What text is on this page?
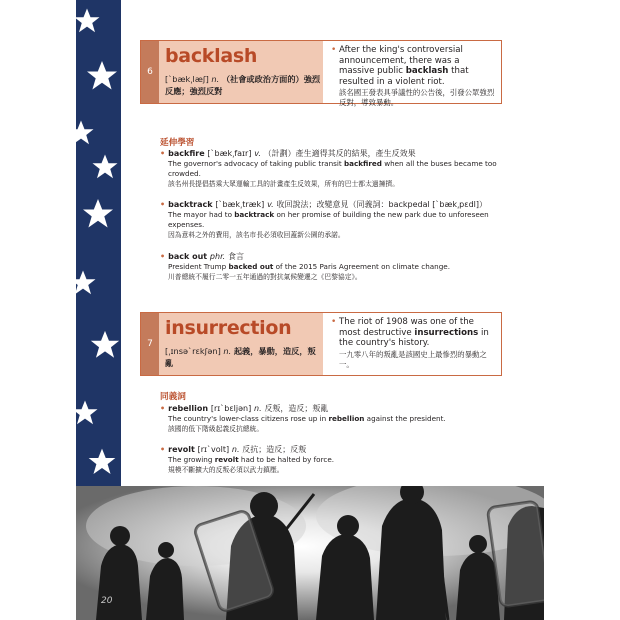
6
backlash
[ˋbæk͵læʃ] n. （社會或政治方面的）強烈反應；強烈反對
• After the king's controversial announcement, there was a massive public backlash that resulted in a violent riot.
該名國王發表具爭議性的公告後，引發公眾強烈反對，導致暴動。
延伸學習
• backfire [ˋbæk͵faɪr] v. （計劃）產生適得其反的結果，產生反效果
The governor's advocacy of taking public transit backfired when all the buses became too crowded.
該名州長提倡搭乘大眾運輸工具的計畫產生反效果，所有的巴士都太過擁擠。
• backtrack [ˋbæk͵træk] v. 收回說法；改變意見（同義詞：backpedal [ˋbæk͵pɛdl]）
The mayor had to backtrack on her promise of building the new park due to unforeseen expenses.
因為意料之外的費用，該名市長必須收回蓋新公園的承諾。
• back out phr. 食言
President Trump backed out of the 2015 Paris Agreement on climate change.
川普總統不履行二零一五年通過的對抗氣候變遷之《巴黎協定》。
7
insurrection
[͵ɪnsəˋrɛkʃən] n. 起義，暴動，造反，叛亂
• The riot of 1908 was one of the most destructive insurrections in the country's history.
一九零八年的叛亂是該國史上最慘烈的暴動之一。
同義詞
• rebellion [rɪˋbɛljən] n. 反叛，造反；叛亂
The country's lower-class citizens rose up in rebellion against the president.
該國的低下階級起義反抗總統。
• revolt [rɪˋvolt] n. 反抗；造反；反叛
The growing revolt had to be halted by force.
規模不斷擴大的反叛必須以武力鎮壓。
20
